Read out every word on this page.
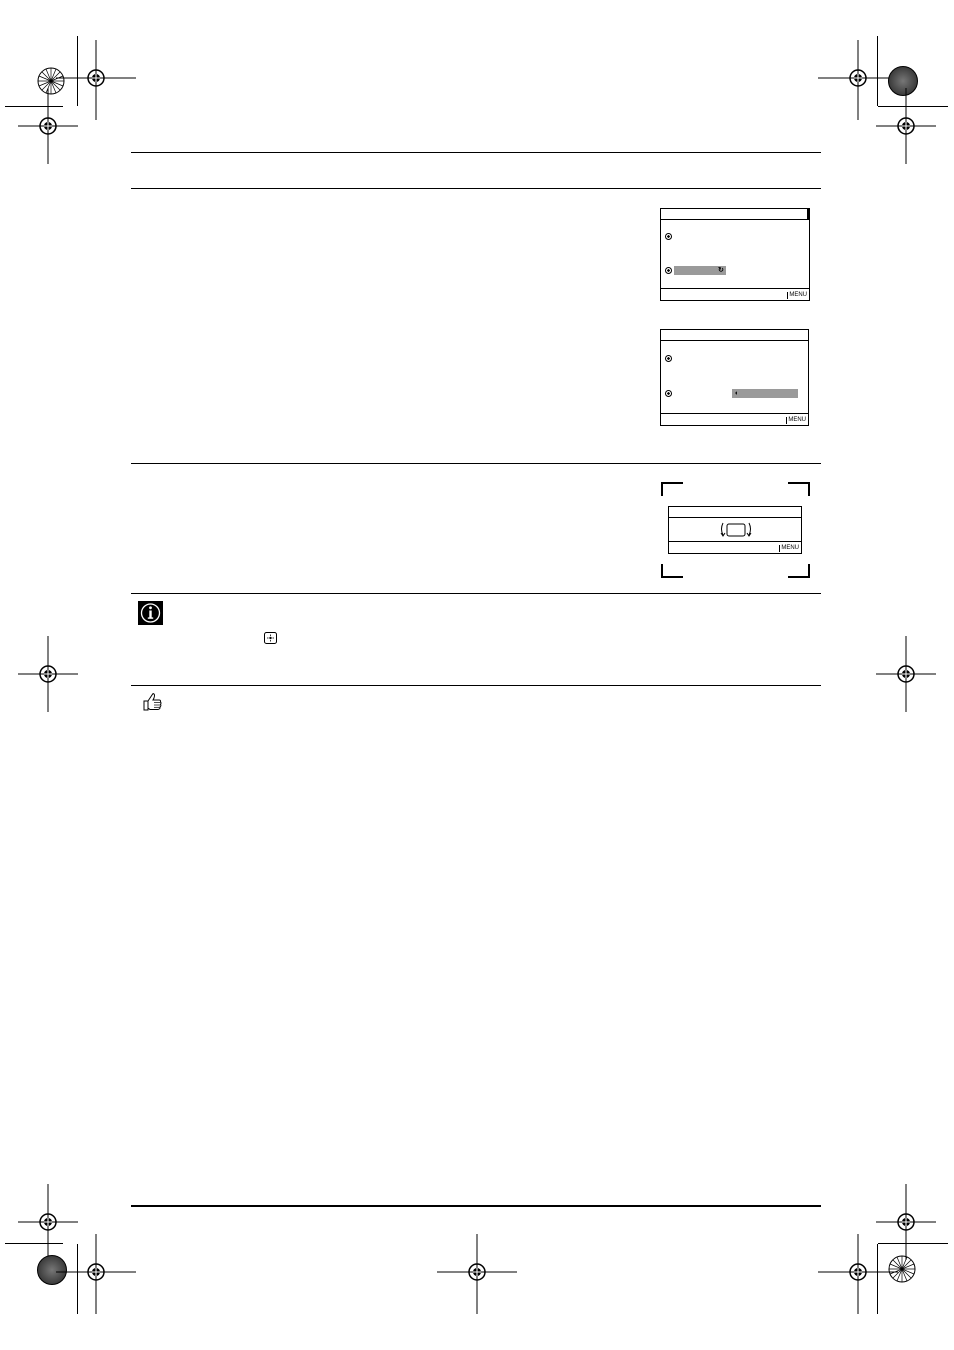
↻
MENU
◖
MENU
MENU
